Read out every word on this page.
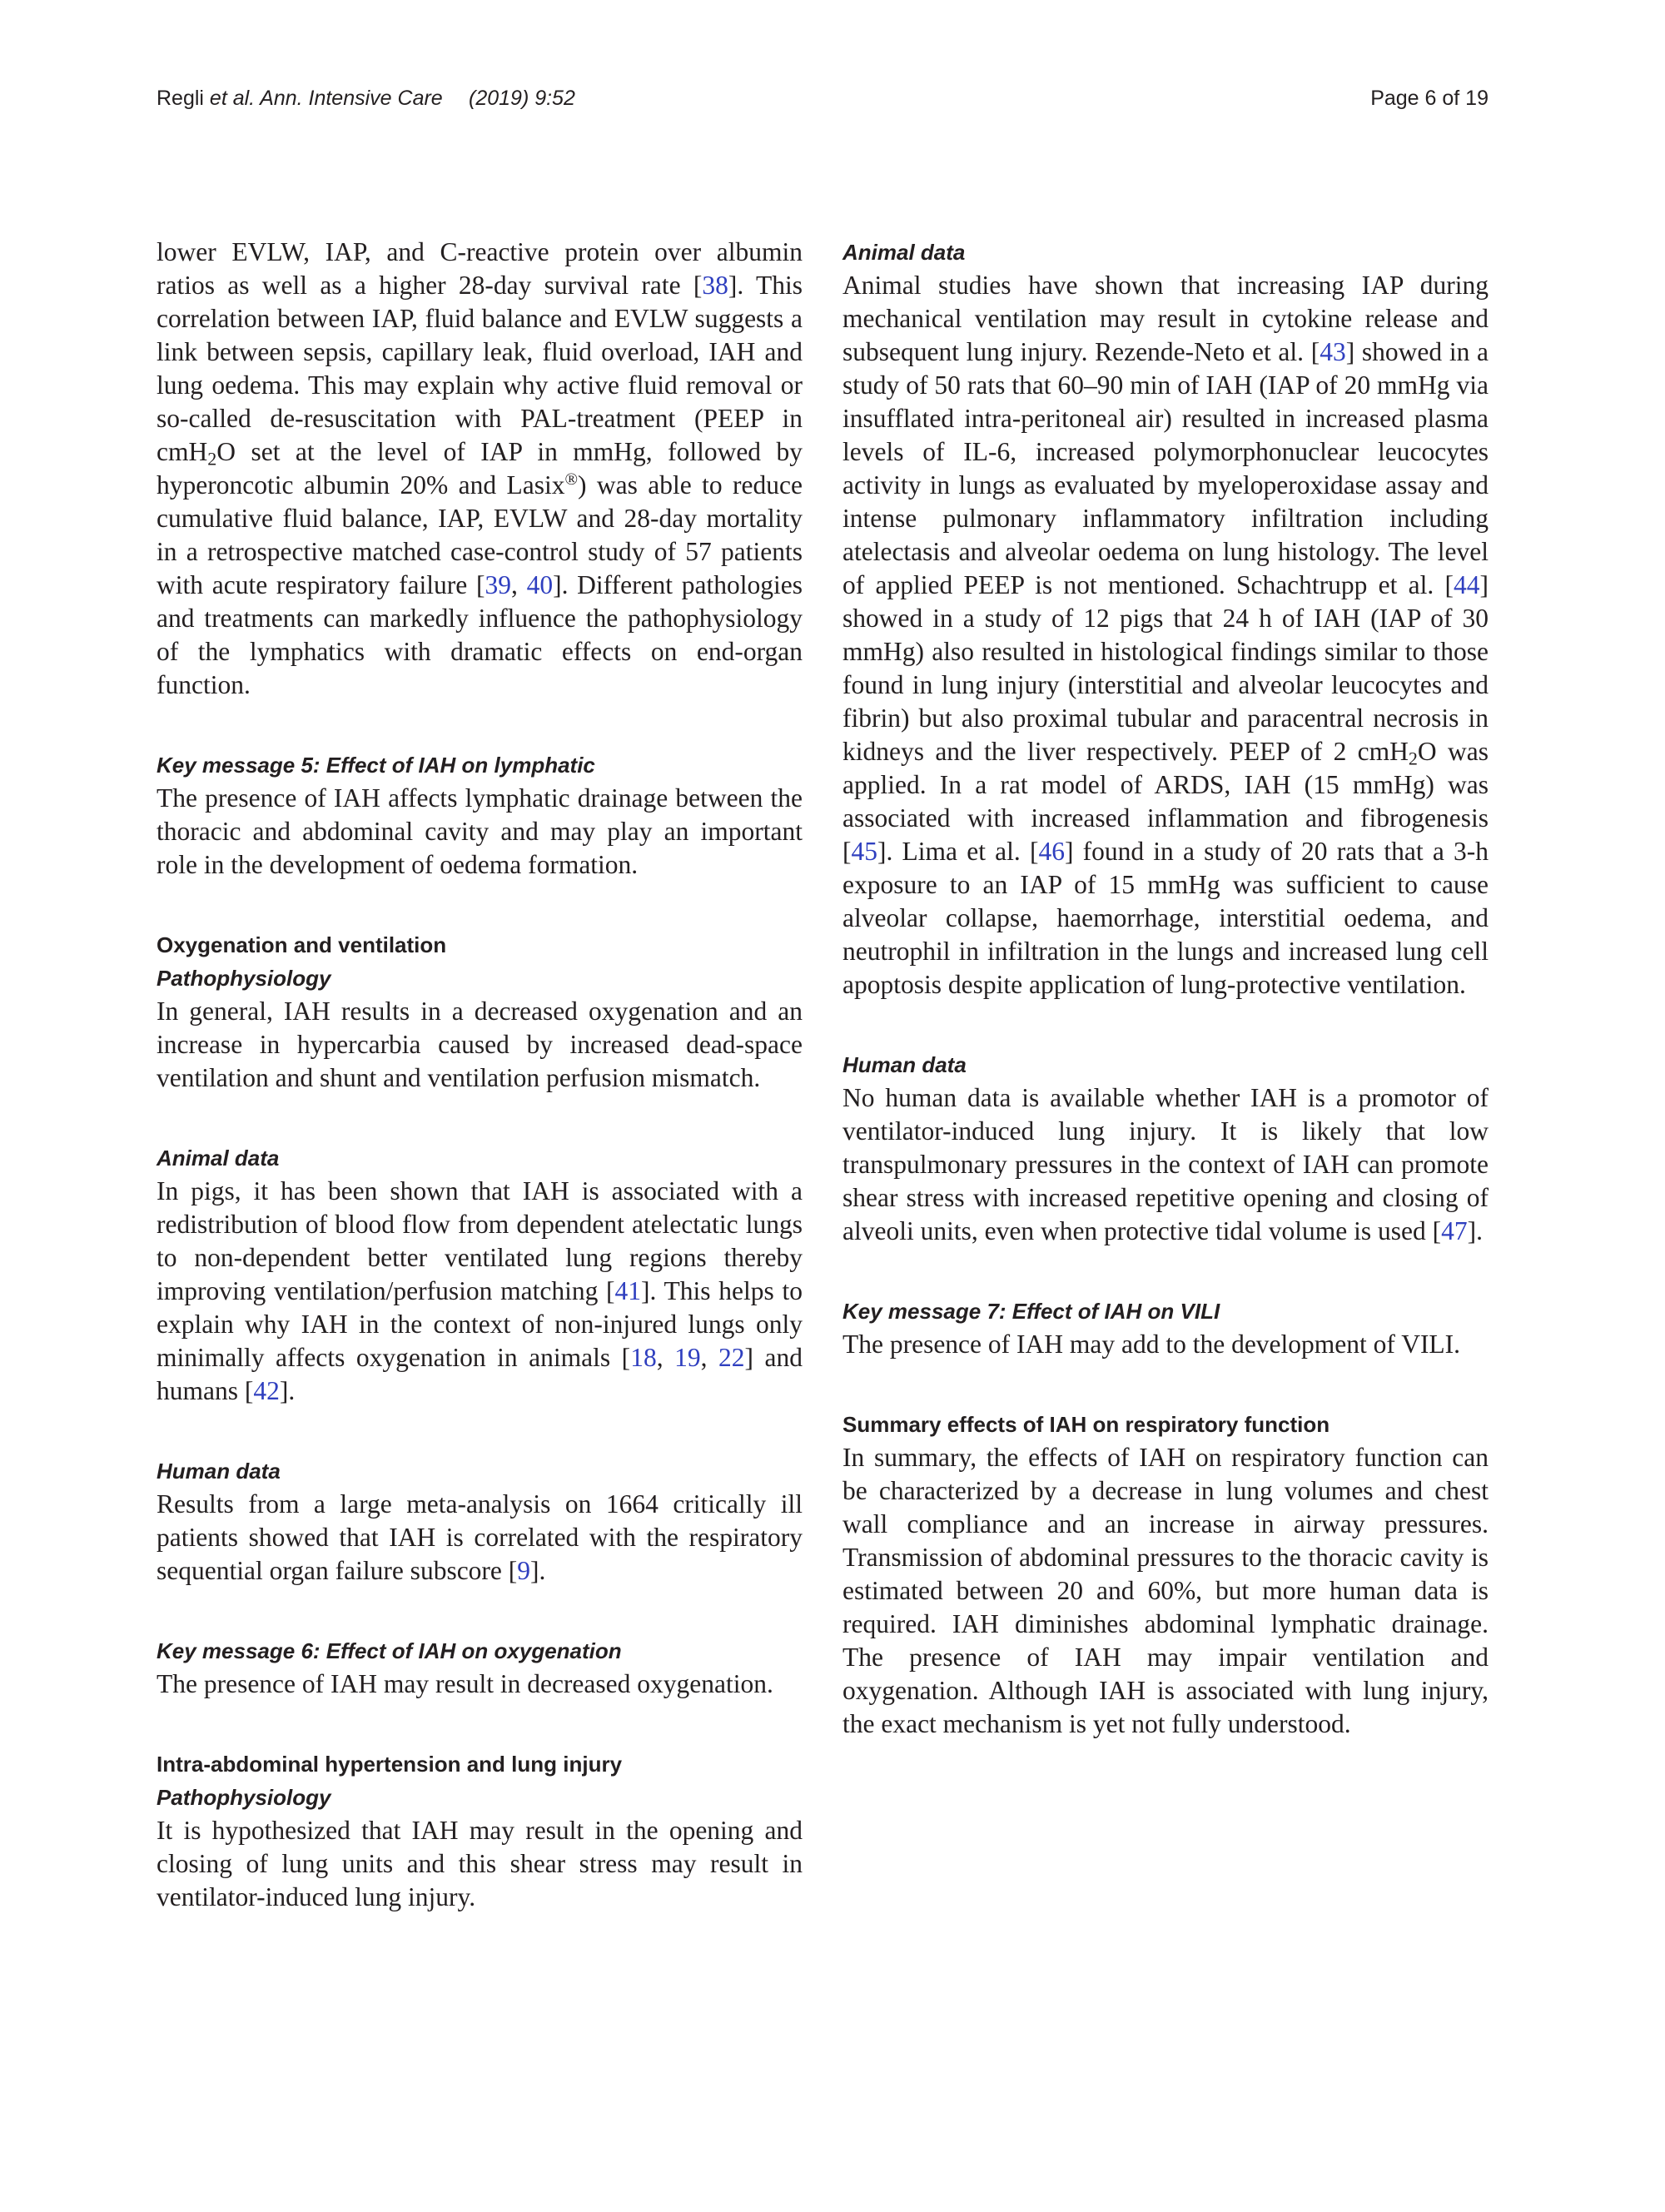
Regli et al. Ann. Intensive Care (2019) 9:52	Page 6 of 19

lower EVLW, IAP, and C-reactive protein over albumin ratios as well as a higher 28-day survival rate [38]. This correlation between IAP, fluid balance and EVLW suggests a link between sepsis, capillary leak, fluid overload, IAH and lung oedema. This may explain why active fluid removal or so-called de-resuscitation with PAL-treatment (PEEP in cmH$_2$O set at the level of IAP in mmHg, followed by hyperoncotic albumin 20% and Lasix®) was able to reduce cumulative fluid balance, IAP, EVLW and 28-day mortality in a retrospective matched case-control study of 57 patients with acute respiratory failure [39, 40]. Different pathologies and treatments can markedly influence the pathophysiology of the lymphatics with dramatic effects on end-organ function.

Key message 5: Effect of IAH on lymphatic

The presence of IAH affects lymphatic drainage between the thoracic and abdominal cavity and may play an important role in the development of oedema formation.

Oxygenation and ventilation
Pathophysiology

In general, IAH results in a decreased oxygenation and an increase in hypercarbia caused by increased dead-space ventilation and shunt and ventilation perfusion mismatch.

Animal data

In pigs, it has been shown that IAH is associated with a redistribution of blood flow from dependent atelectatic lungs to non-dependent better ventilated lung regions thereby improving ventilation/perfusion matching [41]. This helps to explain why IAH in the context of non-injured lungs only minimally affects oxygenation in animals [18, 19, 22] and humans [42].

Human data

Results from a large meta-analysis on 1664 critically ill patients showed that IAH is correlated with the respiratory sequential organ failure subscore [9].

Key message 6: Effect of IAH on oxygenation

The presence of IAH may result in decreased oxygenation.

Intra-abdominal hypertension and lung injury
Pathophysiology

It is hypothesized that IAH may result in the opening and closing of lung units and this shear stress may result in ventilator-induced lung injury.

Animal data

Animal studies have shown that increasing IAP during mechanical ventilation may result in cytokine release and subsequent lung injury. Rezende-Neto et al. [43] showed in a study of 50 rats that 60–90 min of IAH (IAP of 20 mmHg via insufflated intra-peritoneal air) resulted in increased plasma levels of IL-6, increased polymorphonuclear leucocytes activity in lungs as evaluated by myeloperoxidase assay and intense pulmonary inflammatory infiltration including atelectasis and alveolar oedema on lung histology. The level of applied PEEP is not mentioned. Schachtrupp et al. [44] showed in a study of 12 pigs that 24 h of IAH (IAP of 30 mmHg) also resulted in histological findings similar to those found in lung injury (interstitial and alveolar leucocytes and fibrin) but also proximal tubular and paracentral necrosis in kidneys and the liver respectively. PEEP of 2 cmH$_2$O was applied. In a rat model of ARDS, IAH (15 mmHg) was associated with increased inflammation and fibrogenesis [45]. Lima et al. [46] found in a study of 20 rats that a 3-h exposure to an IAP of 15 mmHg was sufficient to cause alveolar collapse, haemorrhage, interstitial oedema, and neutrophil in infiltration in the lungs and increased lung cell apoptosis despite application of lung-protective ventilation.

Human data

No human data is available whether IAH is a promotor of ventilator-induced lung injury. It is likely that low transpulmonary pressures in the context of IAH can promote shear stress with increased repetitive opening and closing of alveoli units, even when protective tidal volume is used [47].

Key message 7: Effect of IAH on VILI

The presence of IAH may add to the development of VILI.

Summary effects of IAH on respiratory function

In summary, the effects of IAH on respiratory function can be characterized by a decrease in lung volumes and chest wall compliance and an increase in airway pressures. Transmission of abdominal pressures to the thoracic cavity is estimated between 20 and 60%, but more human data is required. IAH diminishes abdominal lymphatic drainage. The presence of IAH may impair ventilation and oxygenation. Although IAH is associated with lung injury, the exact mechanism is yet not fully understood.
